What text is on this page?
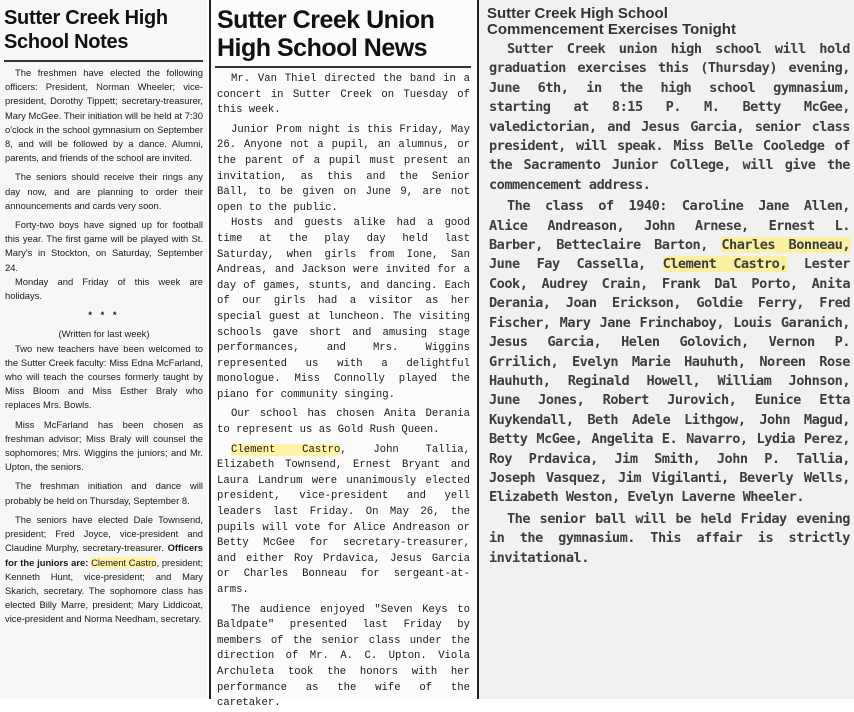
Sutter Creek High
School Notes

The freshmen have elected the following officers: President, Norman Wheeler; vice-president, Dorothy Tippett; secretary-treasurer, Mary McGee. Their initiation will be held at 7:30 o'clock in the school gymnasium on September 8, and will be followed by a dance. Alumni, parents, and friends of the school are invited.

The seniors should receive their rings any day now, and are planning to order their announcements and cards very soon.

Forty-two boys have signed up for football this year. The first game will be played with St. Mary's in Stockton, on Saturday, September 24.

Monday and Friday of this week are holidays.

* * *

(Written for last week)

Two new teachers have been welcomed to the Sutter Creek faculty: Miss Edna McFarland, who will teach the courses formerly taught by Miss Bloom and Miss Esther Braly who replaces Mrs. Bowls.

Miss McFarland has been chosen as freshman advisor; Miss Braly will counsel the sophomores; Mrs. Wiggins the juniors; and Mr. Upton, the seniors.

The freshman initiation and dance will probably be held on Thursday, September 8.

The seniors have elected Dale Townsend, president; Fred Joyce, vice-president and Claudine Murphy, secretary-treasurer. Officers for the juniors are: Clement Castro, president; Kenneth Hunt, vice-president; and Mary Skarich, secretary. The sophomore class has elected Billy Marre, president; Mary Liddicoat, vice-president and Norma Needham, secretary.

Sutter Creek Union
High School News

Mr. Van Thiel directed the band in a concert in Sutter Creek on Tuesday of this week.

Junior Prom night is this Friday, May 26. Anyone not a pupil, an alumnus, or the parent of a pupil must present an invitation, as this and the Senior Ball, to be given on June 9, are not open to the public.

Hosts and guests alike had a good time at the play day held last Saturday, when girls from Ione, San Andreas, and Jackson were invited for a day of games, stunts, and dancing. Each of our girls had a visitor as her special guest at luncheon. The visiting schools gave short and amusing stage performances, and Mrs. Wiggins represented us with a delightful monologue. Miss Connolly played the piano for community singing.

Our school has chosen Anita Derania to represent us as Gold Rush Queen.

Clement Castro, John Tallia, Elizabeth Townsend, Ernest Bryant and Laura Landrum were unanimously elected president, vice-president and yell leaders last Friday. On May 26, the pupils will vote for Alice Andreason or Betty McGee for secretary-treasurer, and either Roy Prdavica, Jesus Garcia or Charles Bonneau for sergeant-at-arms.

The audience enjoyed "Seven Keys to Baldpate" presented last Friday by members of the senior class under the direction of Mr. A. C. Upton. Viola Archuleta took the honors with her performance as the wife of the caretaker.

Sutter Creek High School
Commencement Exercises Tonight

Sutter Creek union high school will hold graduation exercises this (Thursday) evening, June 6th, in the high school gymnasium, starting at 8:15 P. M. Betty McGee, valedictorian, and Jesus Garcia, senior class president, will speak. Miss Belle Cooledge of the Sacramento Junior College, will give the commencement address.

The class of 1940: Caroline Jane Allen, Alice Andreason, John Arnese, Ernest L. Barber, Betteclaire Barton, Charles Bonneau, June Fay Cassella, Clement Castro, Lester Cook, Audrey Crain, Frank Dal Porto, Anita Derania, Joan Erickson, Goldie Ferry, Fred Fischer, Mary Jane Frinchaboy, Louis Garanich, Jesus Garcia, Helen Golovich, Vernon P. Grrilich, Evelyn Marie Hauhuth, Noreen Rose Hauhuth, Reginald Howell, William Johnson, June Jones, Robert Jurovich, Eunice Etta Kuykendall, Beth Adele Lithgow, John Magud, Betty McGee, Angelita E. Navarro, Lydia Perez, Roy Prdavica, Jim Smith, John P. Tallia, Joseph Vasquez, Jim Vigilanti, Beverly Wells, Elizabeth Weston, Evelyn Laverne Wheeler.

The senior ball will be held Friday evening in the gymnasium. This affair is strictly invitational.
